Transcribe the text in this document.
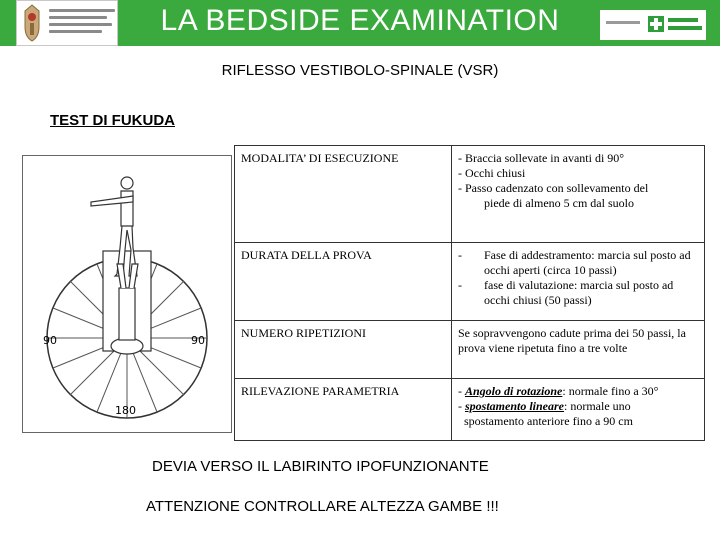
LA BEDSIDE EXAMINATION
RIFLESSO VESTIBOLO-SPINALE (VSR)
TEST DI FUKUDA
90	90
180
MODALITA’ DI ESECUZIONE	- Braccia sollevate in avanti di 90°
- Occhi chiusi
- Passo cadenzato con sollevamento del
piede di almeno 5 cm dal suolo

DURATA DELLA PROVA	- Fase di addestramento: marcia sul posto ad occhi aperti (circa 10 passi)
- fase di valutazione: marcia sul posto ad occhi chiusi (50 passi)

NUMERO RIPETIZIONI	Se sopravvengono cadute prima dei 50 passi, la prova viene ripetuta fino a tre volte
RILEVAZIONE PARAMETRIA	- Angolo di rotazione: normale fino a 30°
- spostamento lineare: normale uno
spostamento anteriore fino a 90 cm
DEVIA VERSO IL LABIRINTO IPOFUNZIONANTE
ATTENZIONE CONTROLLARE ALTEZZA GAMBE !!!
